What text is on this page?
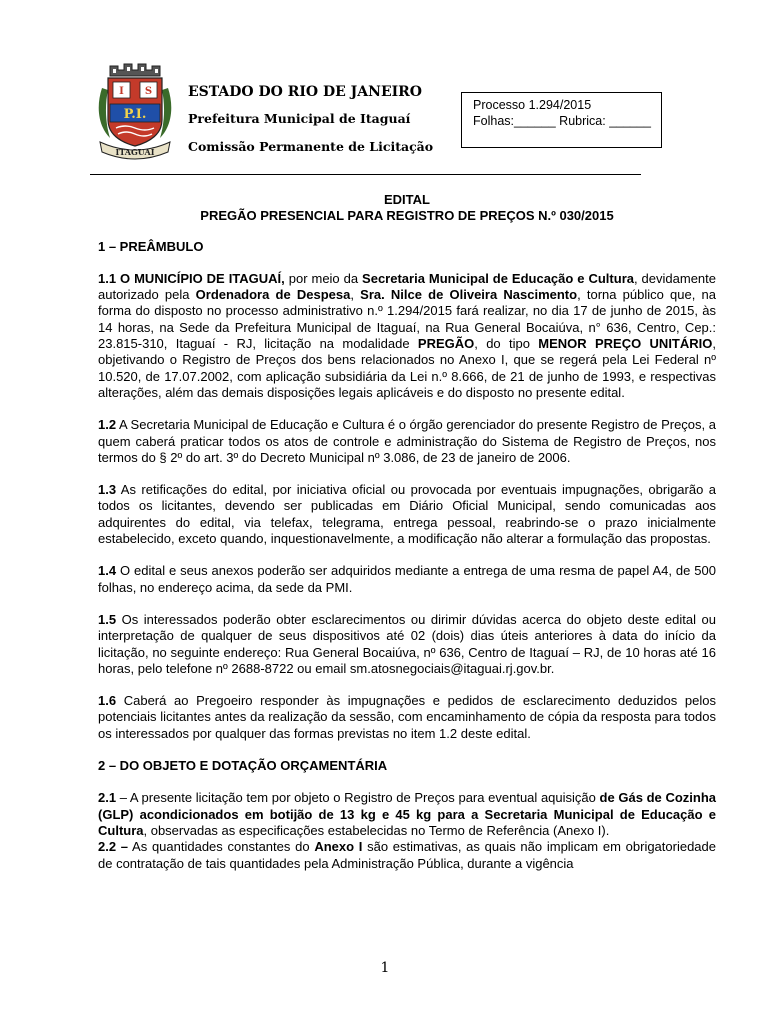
I S
P.I.
ITAGUAÍ
ESTADO DO RIO DE JANEIRO
Prefeitura Municipal de Itaguaí
Comissão Permanente de Licitação
Processo 1.294/2015
Folhas:______ Rubrica: ______

EDITAL

PREGÃO PRESENCIAL PARA REGISTRO DE PREÇOS N.º 030/2015

1 – PREÂMBULO

1.1 O MUNICÍPIO DE ITAGUAÍ, por meio da Secretaria Municipal de Educação e Cultura, devidamente autorizado pela Ordenadora de Despesa, Sra. Nilce de Oliveira Nascimento, torna público que, na forma do disposto no processo administrativo n.º 1.294/2015 fará realizar, no dia 17 de junho de 2015, às 14 horas, na Sede da Prefeitura Municipal de Itaguaí, na Rua General Bocaiúva, n° 636, Centro, Cep.: 23.815-310, Itaguaí - RJ, licitação na modalidade PREGÃO, do tipo MENOR PREÇO UNITÁRIO, objetivando o Registro de Preços dos bens relacionados no Anexo I, que se regerá pela Lei Federal nº 10.520, de 17.07.2002, com aplicação subsidiária da Lei n.º 8.666, de 21 de junho de 1993, e respectivas alterações, além das demais disposições legais aplicáveis e do disposto no presente edital.

1.2 A Secretaria Municipal de Educação e Cultura é o órgão gerenciador do presente Registro de Preços, a quem caberá praticar todos os atos de controle e administração do Sistema de Registro de Preços, nos termos do § 2º do art. 3º do Decreto Municipal nº 3.086, de 23 de janeiro de 2006.

1.3 As retificações do edital, por iniciativa oficial ou provocada por eventuais impugnações, obrigarão a todos os licitantes, devendo ser publicadas em Diário Oficial Municipal, sendo comunicadas aos adquirentes do edital, via telefax, telegrama, entrega pessoal, reabrindo-se o prazo inicialmente estabelecido, exceto quando, inquestionavelmente, a modificação não alterar a formulação das propostas.

1.4 O edital e seus anexos poderão ser adquiridos mediante a entrega de uma resma de papel A4, de 500 folhas, no endereço acima, da sede da PMI.

1.5 Os interessados poderão obter esclarecimentos ou dirimir dúvidas acerca do objeto deste edital ou interpretação de qualquer de seus dispositivos até 02 (dois) dias úteis anteriores à data do início da licitação, no seguinte endereço: Rua General Bocaiúva, nº 636, Centro de Itaguaí – RJ, de 10 horas até 16 horas, pelo telefone nº 2688-8722 ou email sm.atosnegociais@itaguai.rj.gov.br.

1.6 Caberá ao Pregoeiro responder às impugnações e pedidos de esclarecimento deduzidos pelos potenciais licitantes antes da realização da sessão, com encaminhamento de cópia da resposta para todos os interessados por qualquer das formas previstas no item 1.2 deste edital.

2 – DO OBJETO E DOTAÇÃO ORÇAMENTÁRIA

2.1 – A presente licitação tem por objeto o Registro de Preços para eventual aquisição de Gás de Cozinha (GLP) acondicionados em botijão de 13 kg e 45 kg para a Secretaria Municipal de Educação e Cultura, observadas as especificações estabelecidas no Termo de Referência (Anexo I).

2.2 – As quantidades constantes do Anexo I são estimativas, as quais não implicam em obrigatoriedade de contratação de tais quantidades pela Administração Pública, durante a vigência

1
